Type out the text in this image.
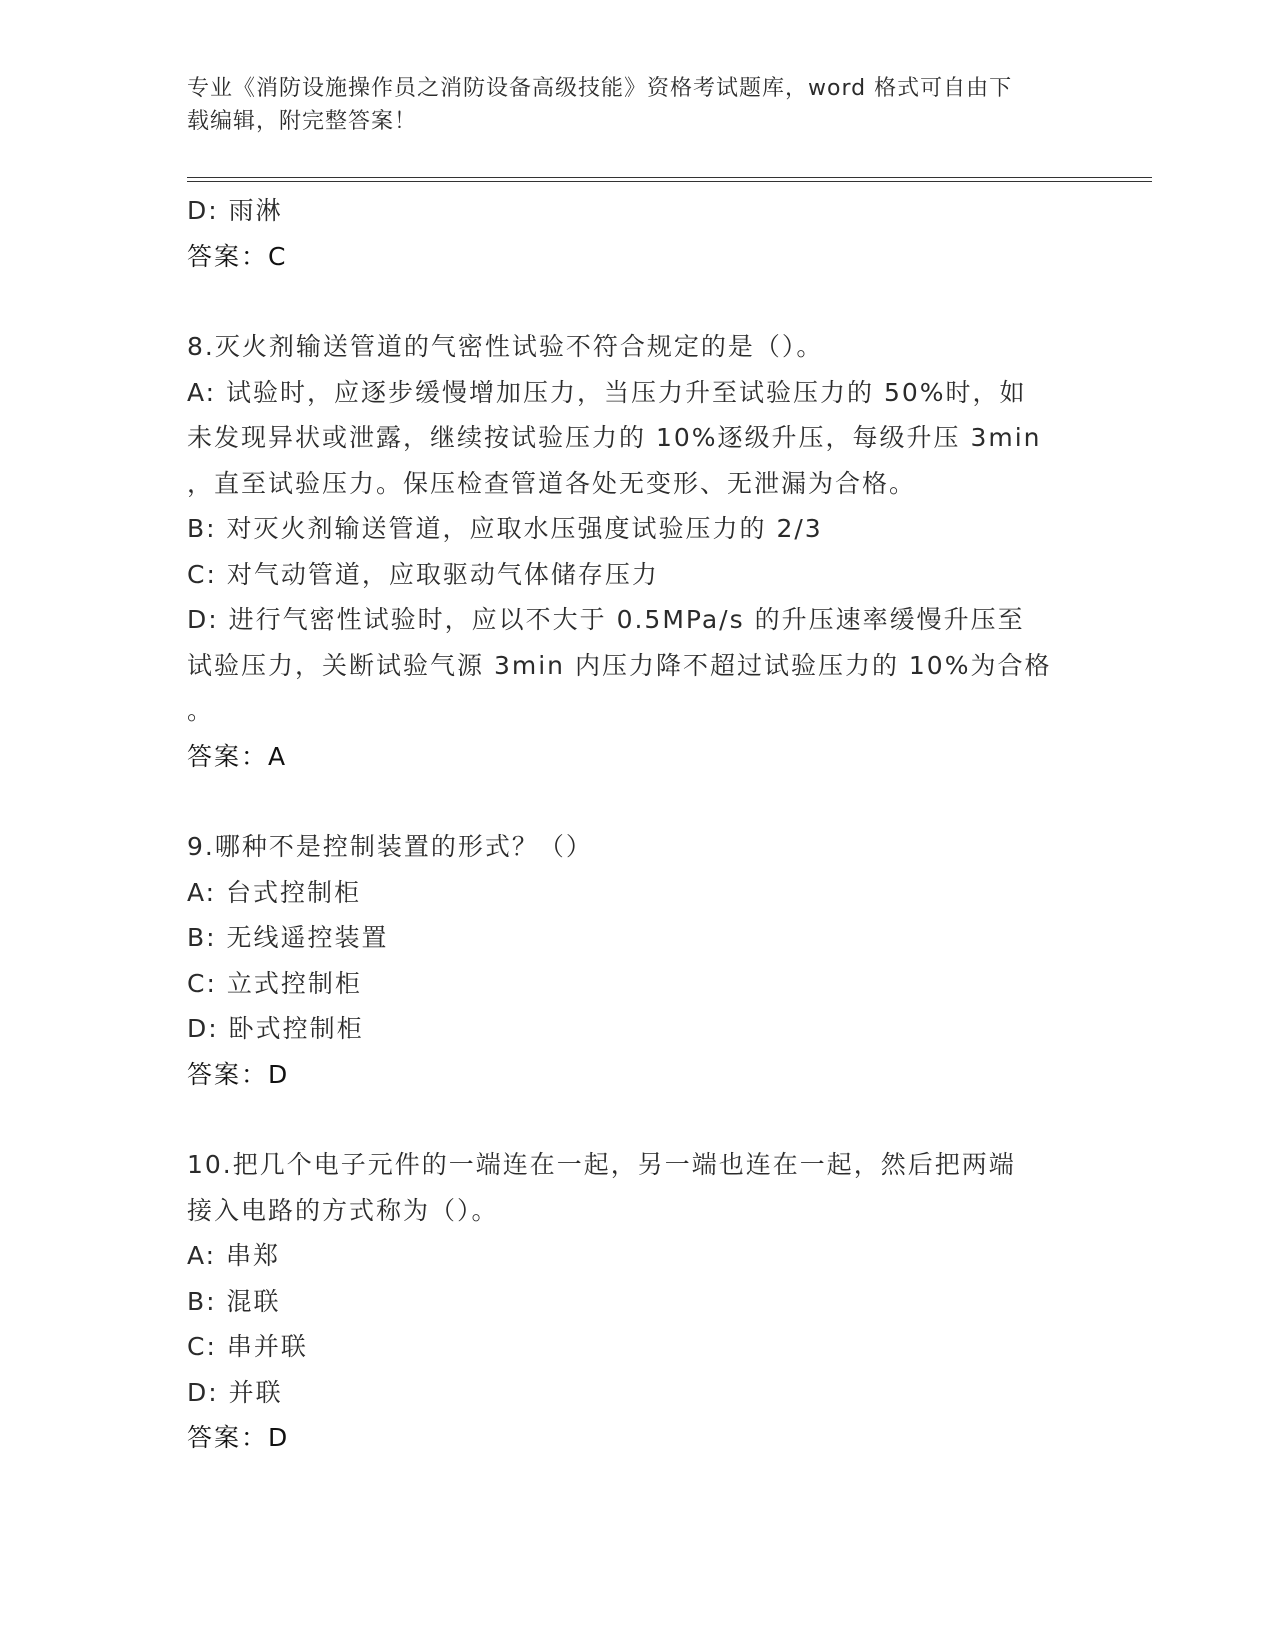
专业《消防设施操作员之消防设备高级技能》资格考试题库，word 格式可自由下
载编辑，附完整答案！
D: 雨淋
答案：C
8.灭火剂输送管道的气密性试验不符合规定的是（）。
A: 试验时，应逐步缓慢增加压力，当压力升至试验压力的 50%时，如
未发现异状或泄露，继续按试验压力的 10%逐级升压，每级升压 3min
，直至试验压力。保压检查管道各处无变形、无泄漏为合格。
B: 对灭火剂输送管道，应取水压强度试验压力的 2/3
C: 对气动管道，应取驱动气体储存压力
D: 进行气密性试验时，应以不大于 0.5MPa/s 的升压速率缓慢升压至
试验压力，关断试验气源 3min 内压力降不超过试验压力的 10%为合格
。
答案：A
9.哪种不是控制装置的形式？（）
A: 台式控制柜
B: 无线遥控装置
C: 立式控制柜
D: 卧式控制柜
答案：D
10.把几个电子元件的一端连在一起，另一端也连在一起，然后把两端
接入电路的方式称为（）。
A: 串郑
B: 混联
C: 串并联
D: 并联
答案：D
